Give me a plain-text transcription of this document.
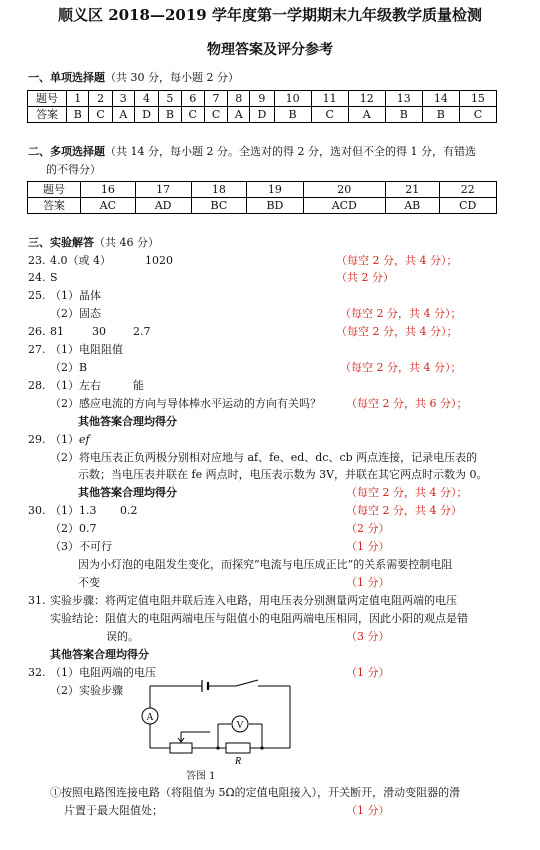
顺义区 2018—2019 学年度第一学期期末九年级教学质量检测
物理答案及评分参考
一、单项选择题（共 30 分，每小题 2 分）
题号	1	2	3	4	5	6	7	8	9	10	11	12	13	14	15
答案	B	C	A	D	B	C	C	A	D	B	C	A	B	B	C
二、多项选择题（共 14 分，每小题 2 分。全选对的得 2 分，选对但不全的得 1 分，有错选
的不得分）
题号	16	17	18	19	20	21	22
答案	AC	AD	BC	BD	ACD	AB	CD
三、实验解答（共 46 分）
23. 4.0（或 4）	1020	（每空 2 分，共 4 分）；
24. S	（共 2 分）
25. （1）晶体
（2）固态	（每空 2 分，共 4 分）；
26. 81	30 2.7	（每空 2 分，共 4 分）；
27. （1）电阻阻值
（2）B	（每空 2 分，共 4 分）；
28. （1）左右	能
（2）感应电流的方向与导体棒水平运动的方向有关吗？ （每空 2 分，共 6 分）；
其他答案合理均得分
29. （1）ef
（2）将电压表正负两极分别相对应地与 af、fe、ed、dc、cb 两点连接，记录电压表的
示数；当电压表并联在 fe 两点时，电压表示数为 3V，并联在其它两点时示数为 0。
其他答案合理均得分	（每空 2 分，共 4 分）；
30. （1）1.3 0.2	（每空 2 分，共 4 分）
（2）0.7	（2 分）
（3）不可行	（1 分）
因为小灯泡的电阻发生变化，而探究“电流与电压成正比”的关系需要控制电阻
不变	（1 分）
31. 实验步骤：将两定值电阻并联后连入电路，用电压表分别测量两定值电阻两端的电压
实验结论：阻值大的电阻两端电压与阻值小的电阻两端电压相同，因此小阳的观点是错
误的。	（3 分）
其他答案合理均得分
32. （1）电阻两端的电压	（1 分）
（2）实验步骤
A
V
R
答图 1
①按照电路图连接电路（将阻值为 5Ω的定值电阻接入），开关断开，滑动变阻器的滑
片置于最大阻值处；	（1 分）
